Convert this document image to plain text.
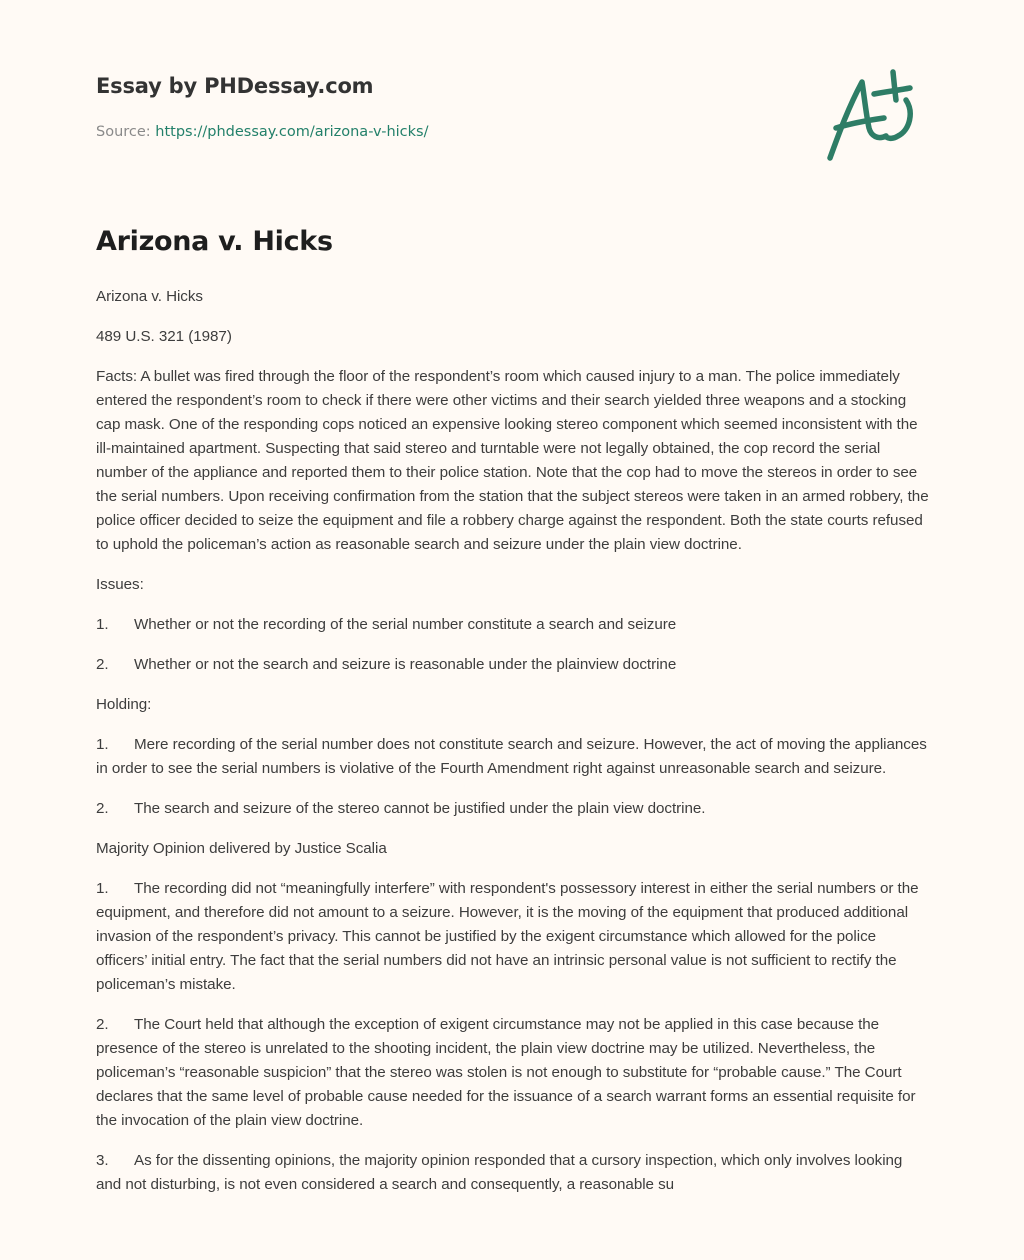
Essay by PHDessay.com
Source: https://phdessay.com/arizona-v-hicks/
Arizona v. Hicks

Arizona v. Hicks

489 U.S. 321 (1987)

Facts: A bullet was fired through the floor of the respondent’s room which caused injury to a man. The police immediately entered the respondent’s room to check if there were other victims and their search yielded three weapons and a stocking cap mask. One of the responding cops noticed an expensive looking stereo component which seemed inconsistent with the ill-maintained apartment. Suspecting that said stereo and turntable were not legally obtained, the cop record the serial number of the appliance and reported them to their police station. Note that the cop had to move the stereos in order to see the serial numbers. Upon receiving confirmation from the station that the subject stereos were taken in an armed robbery, the police officer decided to seize the equipment and file a robbery charge against the respondent. Both the state courts refused to uphold the policeman’s action as reasonable search and seizure under the plain view doctrine.

Issues:

1. Whether or not the recording of the serial number constitute a search and seizure

2. Whether or not the search and seizure is reasonable under the plainview doctrine

Holding:

1. Mere recording of the serial number does not constitute search and seizure. However, the act of moving the appliances in order to see the serial numbers is violative of the Fourth Amendment right against unreasonable search and seizure.

2. The search and seizure of the stereo cannot be justified under the plain view doctrine.

Majority Opinion delivered by Justice Scalia

1. The recording did not “meaningfully interfere” with respondent's possessory interest in either the serial numbers or the equipment, and therefore did not amount to a seizure. However, it is the moving of the equipment that produced additional invasion of the respondent’s privacy. This cannot be justified by the exigent circumstance which allowed for the police officers’ initial entry. The fact that the serial numbers did not have an intrinsic personal value is not sufficient to rectify the policeman’s mistake.

2. The Court held that although the exception of exigent circumstance may not be applied in this case because the presence of the stereo is unrelated to the shooting incident, the plain view doctrine may be utilized. Nevertheless, the policeman’s “reasonable suspicion” that the stereo was stolen is not enough to substitute for “probable cause.” The Court declares that the same level of probable cause needed for the issuance of a search warrant forms an essential requisite for the invocation of the plain view doctrine.

3. As for the dissenting opinions, the majority opinion responded that a cursory inspection, which only involves looking and not disturbing, is not even considered a search and consequently, a reasonable su
